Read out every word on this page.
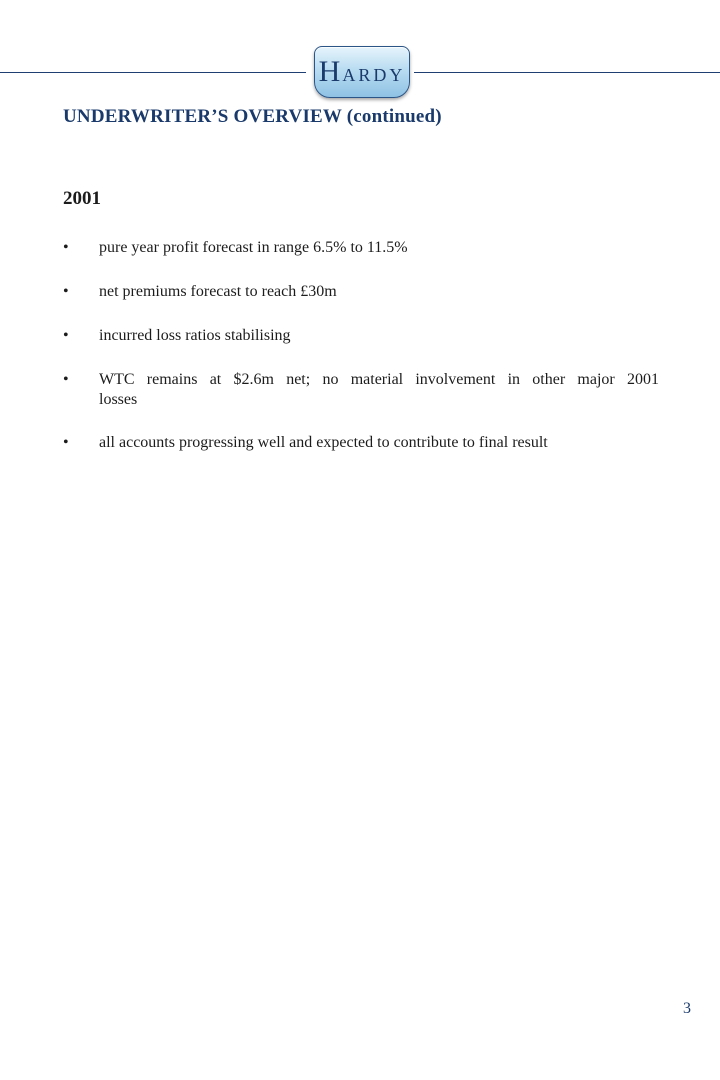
H ARDY
UNDERWRITER’S OVERVIEW (continued)
2001
• pure year profit forecast in range 6.5% to 11.5%
• net premiums forecast to reach £30m
• incurred loss ratios stabilising
• WTC remains at $2.6m net; no material involvement in other major 2001
losses
• all accounts progressing well and expected to contribute to final result
3
